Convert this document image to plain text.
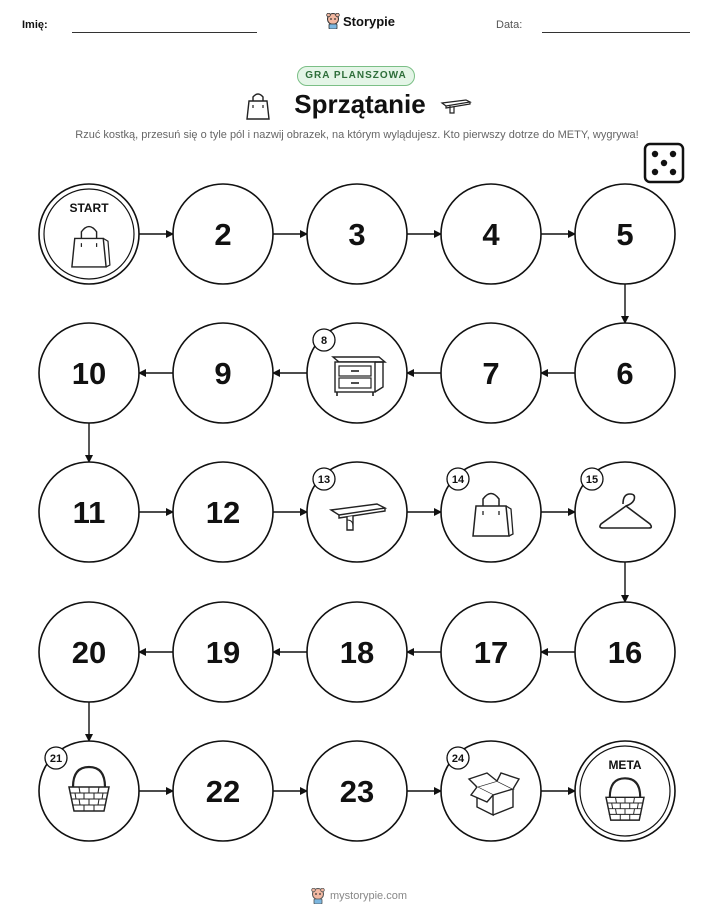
Imię:	Storypie	Data:
GRA PLANSZOWA
Sprzątanie
Rzuć kostką, przesuń się o tyle pól i nazwij obrazek, na którym wylądujesz. Kto pierwszy dotrze do METY, wygrywa!
START
2	3	4	5
6
7
8
9
10
11	12
13	14	15
16
17
18
19
20
21
22	23
24	META
mystorypie.com
